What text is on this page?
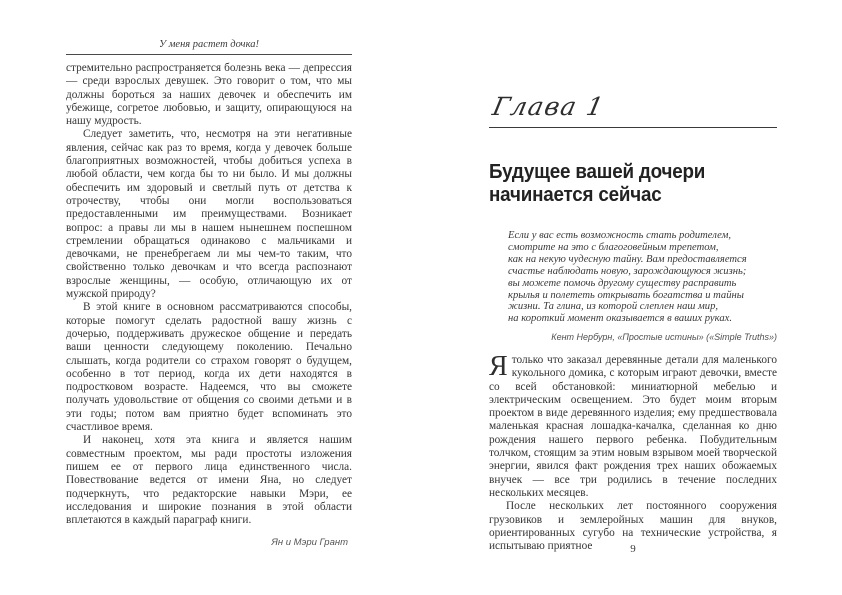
У меня растет дочка!

стремительно распространяется болезнь века — депрессия — среди взрослых девушек. Это говорит о том, что мы должны бороться за наших девочек и обеспечить им убежище, согретое любовью, и защиту, опирающуюся на нашу мудрость.

Следует заметить, что, несмотря на эти негативные явления, сейчас как раз то время, когда у девочек больше благоприятных возможностей, чтобы добиться успеха в любой области, чем когда бы то ни было. И мы должны обеспечить им здоровый и светлый путь от детства к отрочеству, чтобы они могли воспользоваться предоставленными им преимуществами. Возникает вопрос: а правы ли мы в нашем нынешнем поспешном стремлении обращаться одинаково с мальчиками и девочками, не пренебрегаем ли мы чем-то таким, что свойственно только девочкам и что всегда распознают взрослые женщины, — особую, отличающую их от мужской природу?

В этой книге в основном рассматриваются способы, которые помогут сделать радостной вашу жизнь с дочерью, поддерживать дружеское общение и передать ваши ценности следующему поколению. Печально слышать, когда родители со страхом говорят о будущем, особенно в тот период, когда их дети находятся в подростковом возрасте. Надеемся, что вы сможете получать удовольствие от общения со своими детьми и в эти годы; потом вам приятно будет вспоминать это счастливое время.

И наконец, хотя эта книга и является нашим совместным проектом, мы ради простоты изложения пишем ее от первого лица единственного числа. Повествование ведется от имени Яна, но следует подчеркнуть, что редакторские навыки Мэри, ее исследования и широкие познания в этой области вплетаются в каждый параграф книги.

Ян и Мэри Грант
Глава 1
Будущее вашей дочери начинается сейчас
Если у вас есть возможность стать родителем,
смотрите на это с благоговейным трепетом,
как на некую чудесную тайну. Вам предоставляется
счастье наблюдать новую, зарождающуюся жизнь;
вы можете помочь другому существу расправить
крылья и полететь открывать богатства и тайны
жизни. Та глина, из которой слеплен наш мир,
на короткий момент оказывается в ваших руках.
Кент Нербурн, «Простые истины» («Simple Truths»)

Ятолько что заказал деревянные детали для маленького кукольного домика, с которым играют девочки, вместе со всей обстановкой: миниатюрной мебелью и электрическим освещением. Это будет моим вторым проектом в виде деревянного изделия; ему предшествовала маленькая красная лошадка-качалка, сделанная ко дню рождения нашего первого ребенка. Побудительным толчком, стоящим за этим новым взрывом моей творческой энергии, явился факт рождения трех наших обожаемых внучек — все три родились в течение последних нескольких месяцев.

После нескольких лет постоянного сооружения грузовиков и землеройных машин для внуков, ориентированных сугубо на технические устройства, я испытываю приятное	9
